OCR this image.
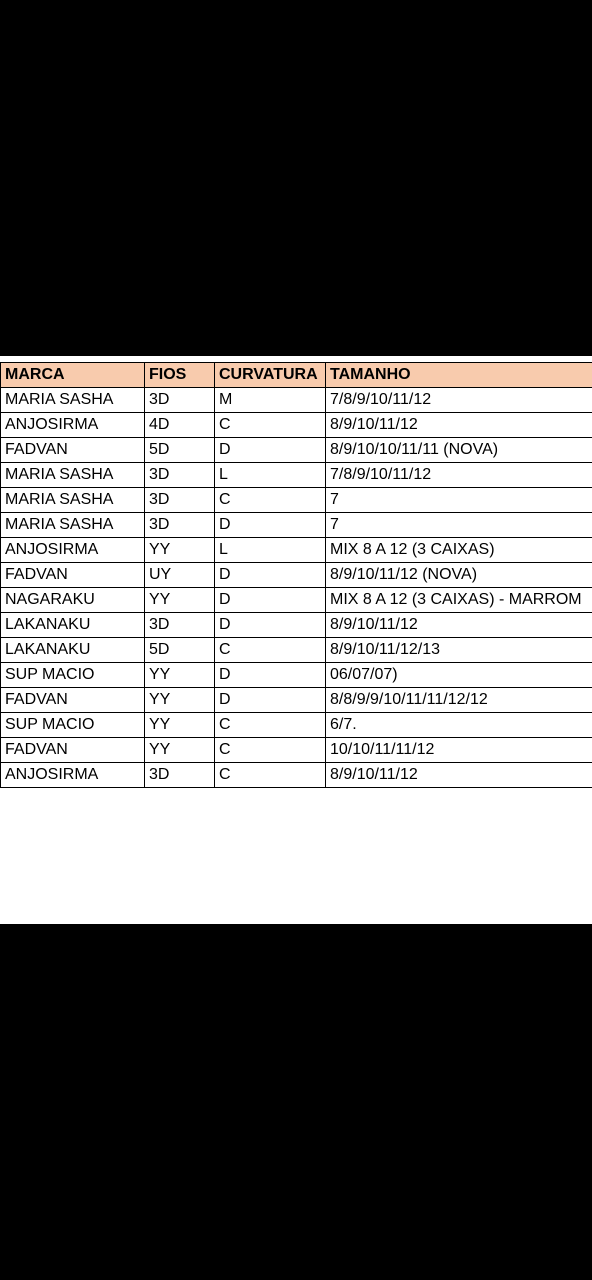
MARCA	FIOS	CURVATURA	TAMANHO
MARIA SASHA	3D	M	7/8/9/10/11/12
ANJOSIRMA	4D	C	8/9/10/11/12
FADVAN	5D	D	8/9/10/10/11/11 (NOVA)
MARIA SASHA	3D	L	7/8/9/10/11/12
MARIA SASHA	3D	C	7
MARIA SASHA	3D	D	7
ANJOSIRMA	YY	L	MIX 8 A 12 (3 CAIXAS)
FADVAN	UY	D	8/9/10/11/12 (NOVA)
NAGARAKU	YY	D	MIX 8 A 12 (3 CAIXAS) - MARROM
LAKANAKU	3D	D	8/9/10/11/12
LAKANAKU	5D	C	8/9/10/11/12/13
SUP MACIO	YY	D	06/07/07)
FADVAN	YY	D	8/8/9/9/10/11/11/12/12
SUP MACIO	YY	C	6/7.
FADVAN	YY	C	10/10/11/11/12
ANJOSIRMA	3D	C	8/9/10/11/12
